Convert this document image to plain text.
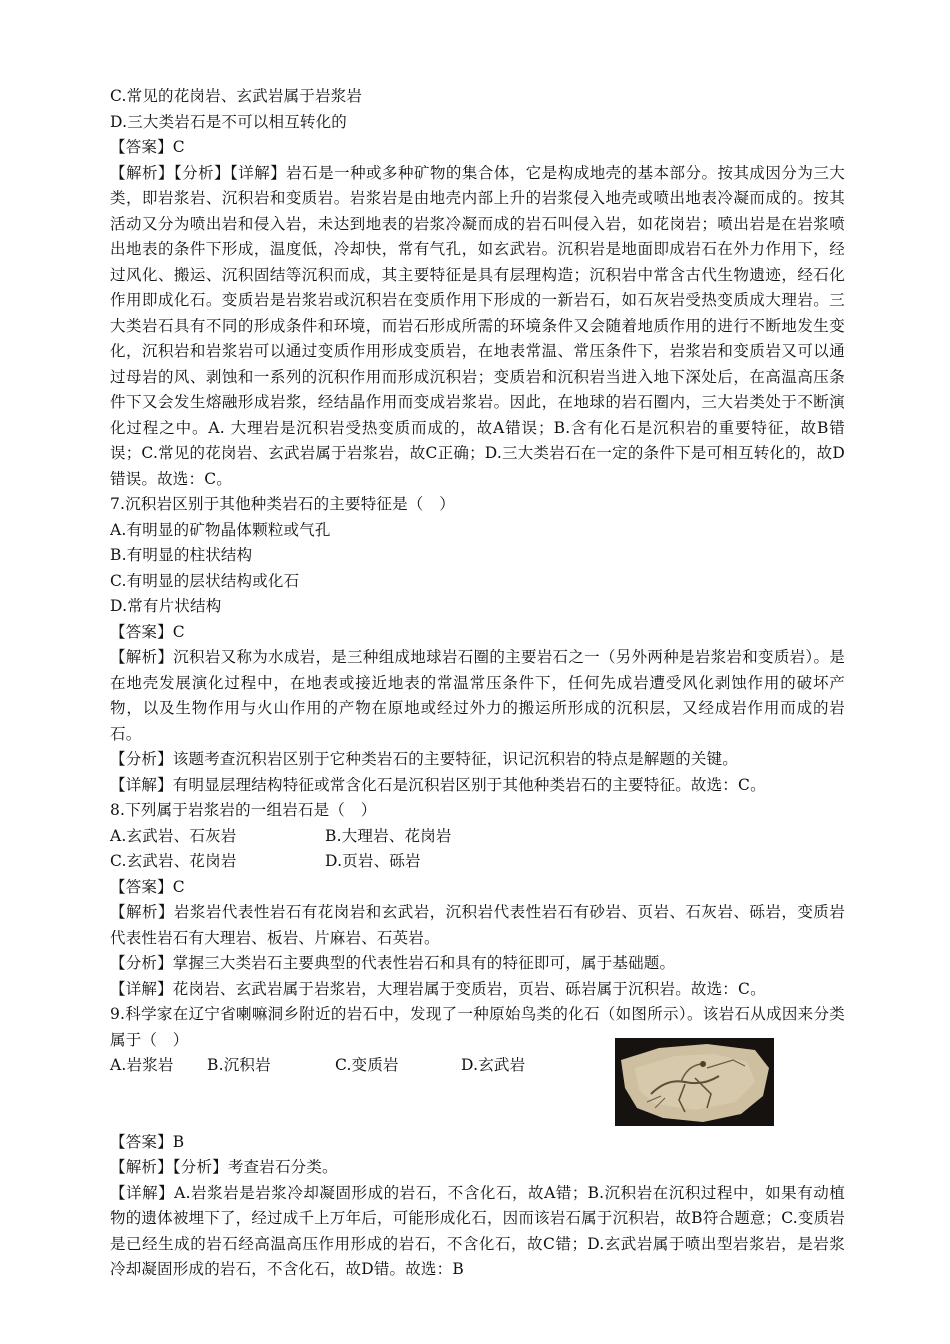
C.常见的花岗岩、玄武岩属于岩浆岩
D.三大类岩石是不可以相互转化的
【答案】C
【解析】【分析】【详解】岩石是一种或多种矿物的集合体，它是构成地壳的基本部分。按其成因分为三大类，即岩浆岩、沉积岩和变质岩。岩浆岩是由地壳内部上升的岩浆侵入地壳或喷出地表冷凝而成的。按其活动又分为喷出岩和侵入岩，未达到地表的岩浆冷凝而成的岩石叫侵入岩，如花岗岩；喷出岩是在岩浆喷出地表的条件下形成，温度低，冷却快，常有气孔，如玄武岩。沉积岩是地面即成岩石在外力作用下，经过风化、搬运、沉积固结等沉积而成，其主要特征是具有层理构造；沉积岩中常含古代生物遗迹，经石化作用即成化石。变质岩是岩浆岩或沉积岩在变质作用下形成的一新岩石，如石灰岩受热变质成大理岩。三大类岩石具有不同的形成条件和环境，而岩石形成所需的环境条件又会随着地质作用的进行不断地发生变化，沉积岩和岩浆岩可以通过变质作用形成变质岩，在地表常温、常压条件下，岩浆岩和变质岩又可以通过母岩的风、剥蚀和一系列的沉积作用而形成沉积岩；变质岩和沉积岩当进入地下深处后，在高温高压条件下又会发生熔融形成岩浆，经结晶作用而变成岩浆岩。因此，在地球的岩石圈内，三大岩类处于不断演化过程之中。A. 大理岩是沉积岩受热变质而成的，故A错误；B.含有化石是沉积岩的重要特征，故B错误；C.常见的花岗岩、玄武岩属于岩浆岩，故C正确；D.三大类岩石在一定的条件下是可相互转化的，故D错误。故选：C。
7.沉积岩区别于其他种类岩石的主要特征是（　）
A.有明显的矿物晶体颗粒或气孔
B.有明显的柱状结构
C.有明显的层状结构或化石
D.常有片状结构
【答案】C
【解析】沉积岩又称为水成岩，是三种组成地球岩石圈的主要岩石之一（另外两种是岩浆岩和变质岩）。是在地壳发展演化过程中，在地表或接近地表的常温常压条件下，任何先成岩遭受风化剥蚀作用的破坏产物，以及生物作用与火山作用的产物在原地或经过外力的搬运所形成的沉积层，又经成岩作用而成的岩石。
【分析】该题考查沉积岩区别于它种类岩石的主要特征，识记沉积岩的特点是解题的关键。
【详解】有明显层理结构特征或常含化石是沉积岩区别于其他种类岩石的主要特征。故选：C。
8.下列属于岩浆岩的一组岩石是（　）
A.玄武岩、石灰岩	B.大理岩、花岗岩
C.玄武岩、花岗岩	D.页岩、砾岩
【答案】C
【解析】岩浆岩代表性岩石有花岗岩和玄武岩，沉积岩代表性岩石有砂岩、页岩、石灰岩、砾岩，变质岩代表性岩石有大理岩、板岩、片麻岩、石英岩。
【分析】掌握三大类岩石主要典型的代表性岩石和具有的特征即可，属于基础题。
【详解】花岗岩、玄武岩属于岩浆岩，大理岩属于变质岩，页岩、砾岩属于沉积岩。故选：C。
9.科学家在辽宁省喇嘛洞乡附近的岩石中，发现了一种原始鸟类的化石（如图所示）。该岩石从成因来分类属于（　）
A.岩浆岩	B.沉积岩	C.变质岩	D.玄武岩
【答案】B
【解析】【分析】考查岩石分类。
【详解】A.岩浆岩是岩浆冷却凝固形成的岩石，不含化石，故A错；B.沉积岩在沉积过程中，如果有动植物的遗体被埋下了，经过成千上万年后，可能形成化石，因而该岩石属于沉积岩，故B符合题意；C.变质岩是已经生成的岩石经高温高压作用形成的岩石，不含化石，故C错；D.玄武岩属于喷出型岩浆岩，是岩浆冷却凝固形成的岩石，不含化石，故D错。故选：B
